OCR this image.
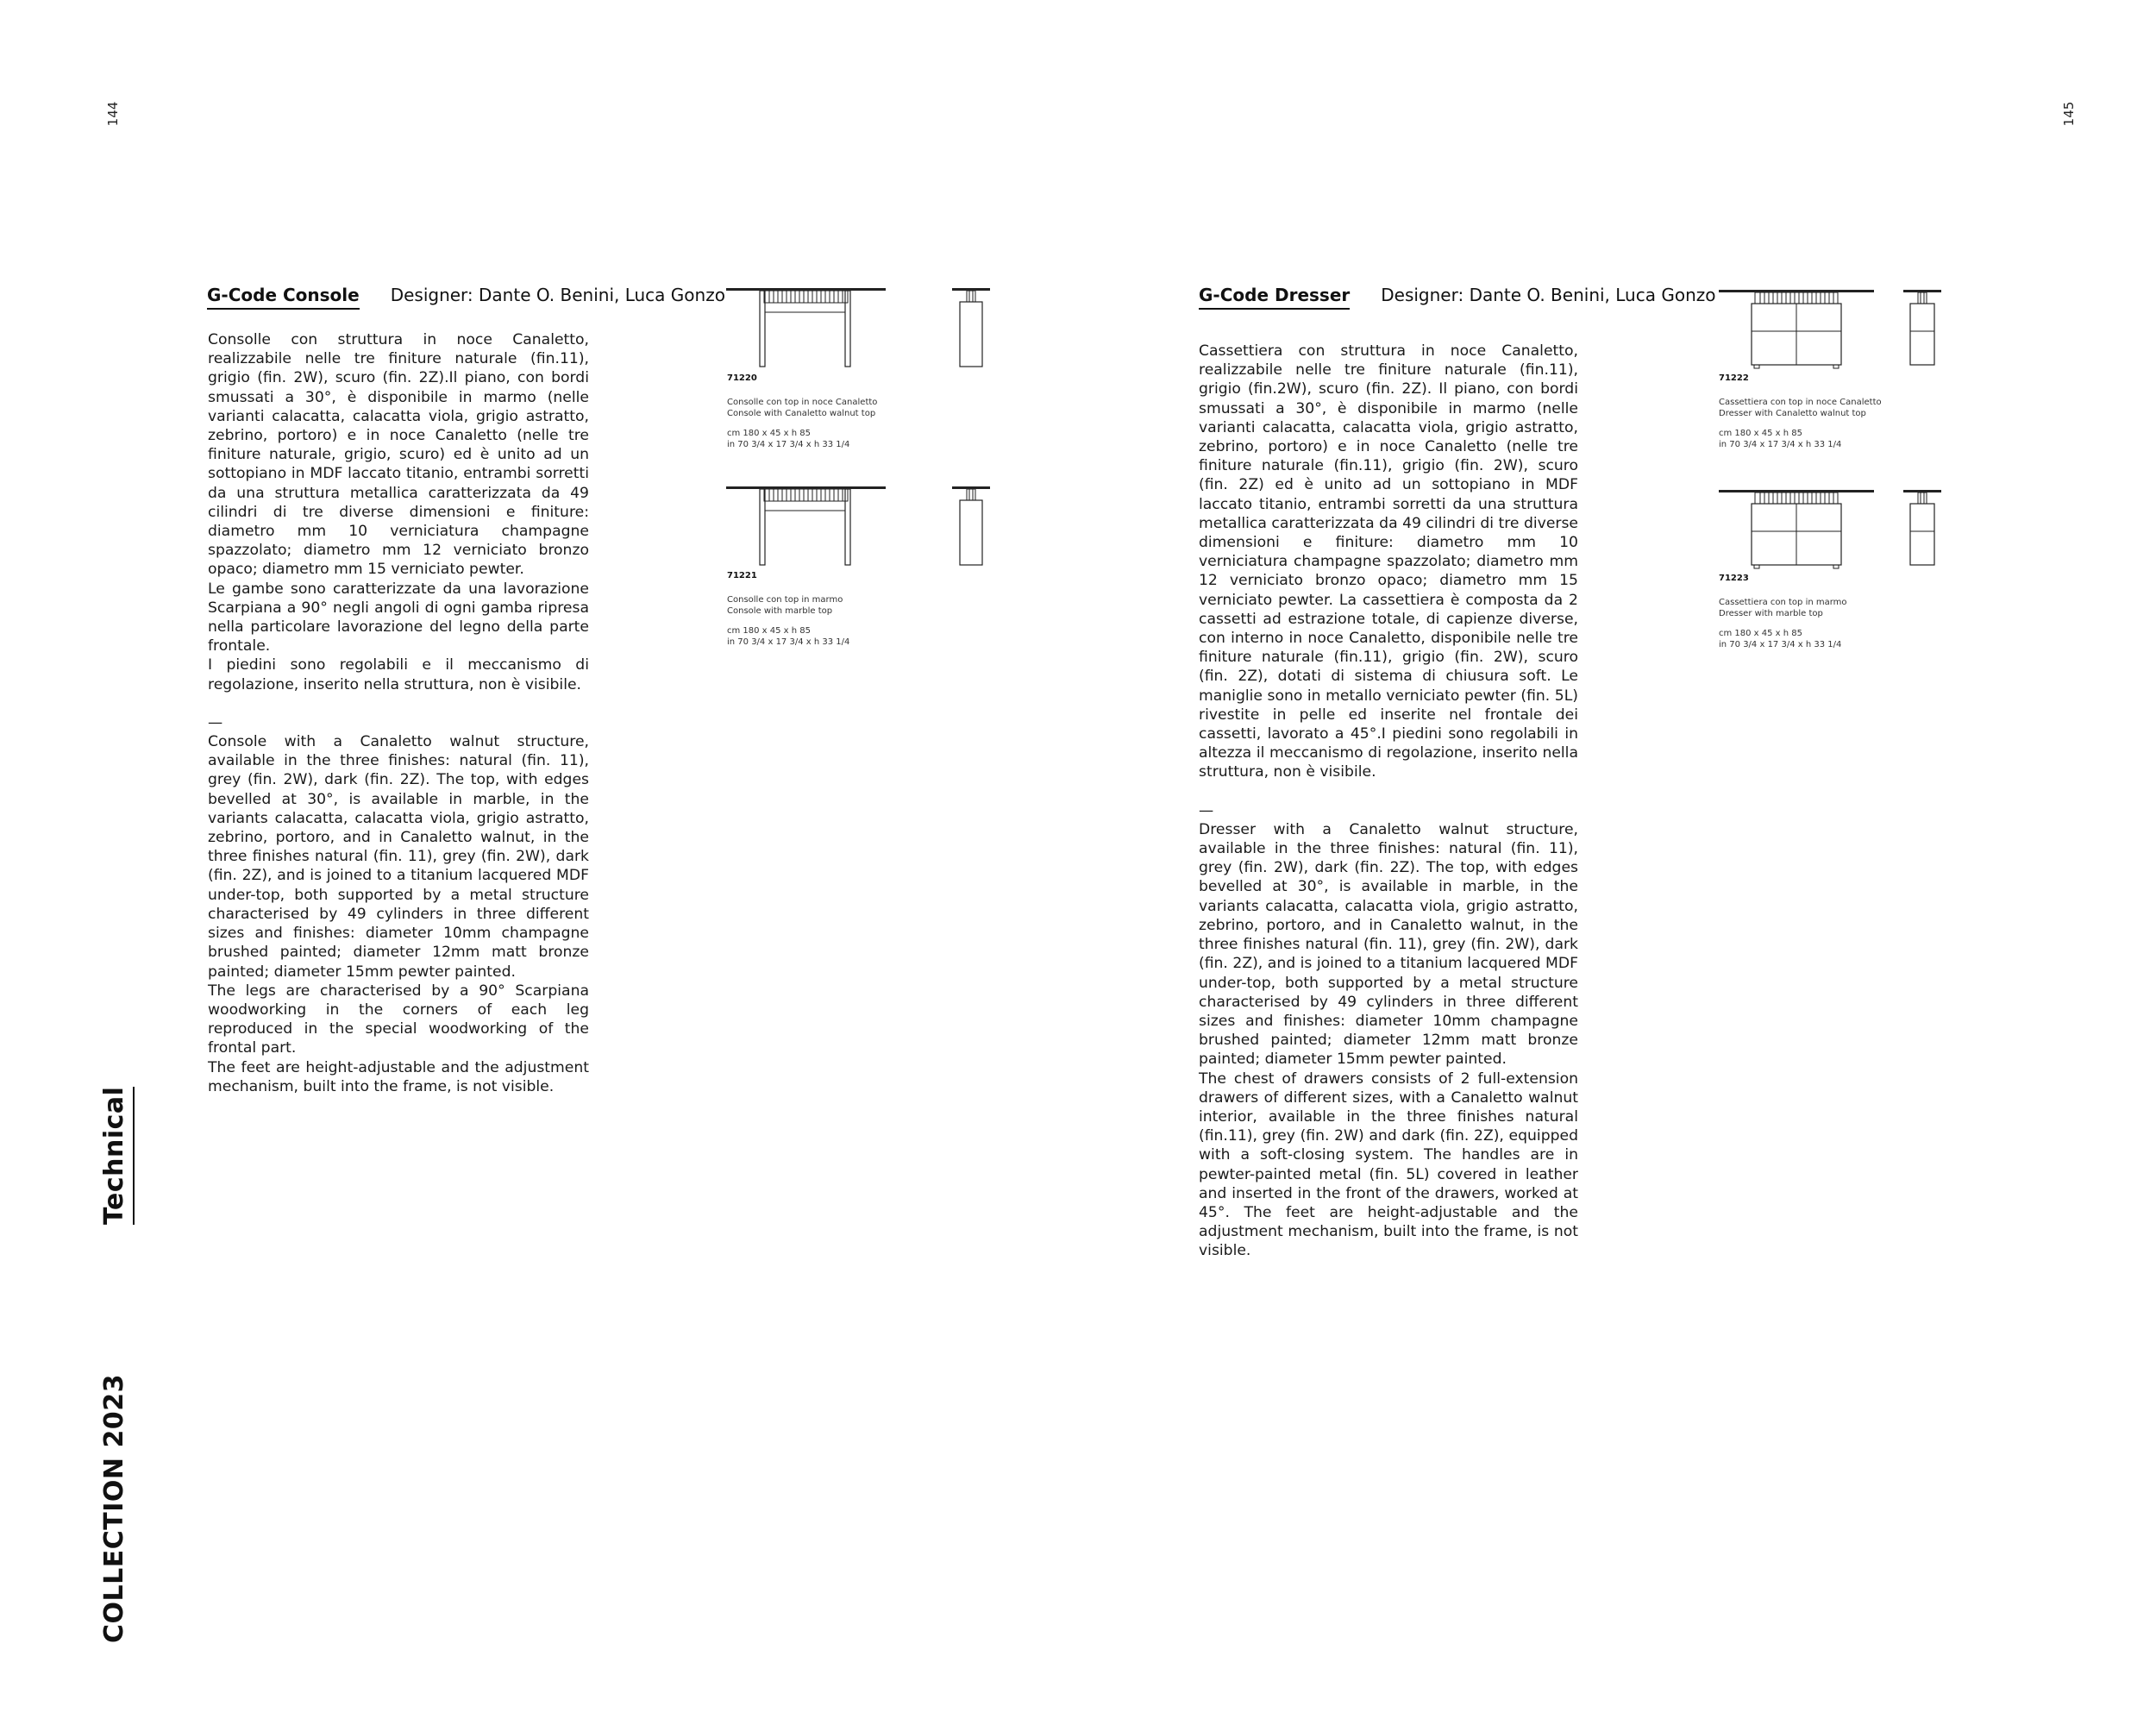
144	145
Technical
COLLECTION 2023
G-Code Console Designer: Dante O. Benini, Luca Gonzo

Consolle con struttura in noce Canaletto, realizzabile nelle tre finiture naturale (fin.11), grigio (fin. 2W), scuro (fin. 2Z).Il piano, con bordi smussati a 30°, è disponibile in marmo (nelle varianti calacatta, calacatta viola, grigio astratto, zebrino, portoro) e in noce Canaletto (nelle tre finiture naturale, grigio, scuro) ed è unito ad un sottopiano in MDF laccato titanio, entrambi sorretti da una struttura metallica caratterizzata da 49 cilindri di tre diverse dimensioni e finiture: diametro mm 10 verniciatura champagne spazzolato; diametro mm 12 verniciato bronzo opaco; diametro mm 15 verniciato pewter.

Le gambe sono caratterizzate da una lavorazione Scarpiana a 90° negli angoli di ogni gamba ripresa nella particolare lavorazione del legno della parte frontale.

I piedini sono regolabili e il meccanismo di regolazione, inserito nella struttura, non è visibile.

—

Console with a Canaletto walnut structure, available in the three finishes: natural (fin. 11), grey (fin. 2W), dark (fin. 2Z). The top, with edges bevelled at 30°, is available in marble, in the variants calacatta, calacatta viola, grigio astratto, zebrino, portoro, and in Canaletto walnut, in the three finishes natural (fin. 11), grey (fin. 2W), dark (fin. 2Z), and is joined to a titanium lacquered MDF under-top, both supported by a metal structure characterised by 49 cylinders in three different sizes and finishes: diameter 10mm champagne brushed painted; diameter 12mm matt bronze painted; diameter 15mm pewter painted.

The legs are characterised by a 90° Scarpiana woodworking in the corners of each leg reproduced in the special woodworking of the frontal part.

The feet are height-adjustable and the adjustment mechanism, built into the frame, is not visible.

71220
Consolle con top in noce Canaletto
Console with Canaletto walnut top
cm 180 x 45 x h 85
in 70 3/4 x 17 3/4 x h 33 1/4
71221
Consolle con top in marmo
Console with marble top
cm 180 x 45 x h 85
in 70 3/4 x 17 3/4 x h 33 1/4
G-Code Dresser Designer: Dante O. Benini, Luca Gonzo

Cassettiera con struttura in noce Canaletto, realizzabile nelle tre finiture naturale (fin.11), grigio (fin.2W), scuro (fin. 2Z). Il piano, con bordi smussati a 30°, è disponibile in marmo (nelle varianti calacatta, calacatta viola, grigio astratto, zebrino, portoro) e in noce Canaletto (nelle tre finiture naturale (fin.11), grigio (fin. 2W), scuro (fin. 2Z) ed è unito ad un sottopiano in MDF laccato titanio, entrambi sorretti da una struttura metallica caratterizzata da 49 cilindri di tre diverse dimensioni e finiture: diametro mm 10 verniciatura champagne spazzolato; diametro mm 12 verniciato bronzo opaco; diametro mm 15 verniciato pewter. La cassettiera è composta da 2 cassetti ad estrazione totale, di capienze diverse, con interno in noce Canaletto, disponibile nelle tre finiture naturale (fin.11), grigio (fin. 2W), scuro (fin. 2Z), dotati di sistema di chiusura soft. Le maniglie sono in metallo verniciato pewter (fin. 5L) rivestite in pelle ed inserite nel frontale dei cassetti, lavorato a 45°.I piedini sono regolabili in altezza il meccanismo di regolazione, inserito nella struttura, non è visibile.

—

Dresser with a Canaletto walnut structure, available in the three finishes: natural (fin. 11), grey (fin. 2W), dark (fin. 2Z). The top, with edges bevelled at 30°, is available in marble, in the variants calacatta, calacatta viola, grigio astratto, zebrino, portoro, and in Canaletto walnut, in the three finishes natural (fin. 11), grey (fin. 2W), dark (fin. 2Z), and is joined to a titanium lacquered MDF under-top, both supported by a metal structure characterised by 49 cylinders in three different sizes and finishes: diameter 10mm champagne brushed painted; diameter 12mm matt bronze painted; diameter 15mm pewter painted.

The chest of drawers consists of 2 full-extension drawers of different sizes, with a Canaletto walnut interior, available in the three finishes natural (fin.11), grey (fin. 2W) and dark (fin. 2Z), equipped with a soft-closing system. The handles are in pewter-painted metal (fin. 5L) covered in leather and inserted in the front of the drawers, worked at 45°. The feet are height-adjustable and the adjustment mechanism, built into the frame, is not visible.

71222
Cassettiera con top in noce Canaletto
Dresser with Canaletto walnut top
cm 180 x 45 x h 85
in 70 3/4 x 17 3/4 x h 33 1/4
71223
Cassettiera con top in marmo
Dresser with marble top
cm 180 x 45 x h 85
in 70 3/4 x 17 3/4 x h 33 1/4
